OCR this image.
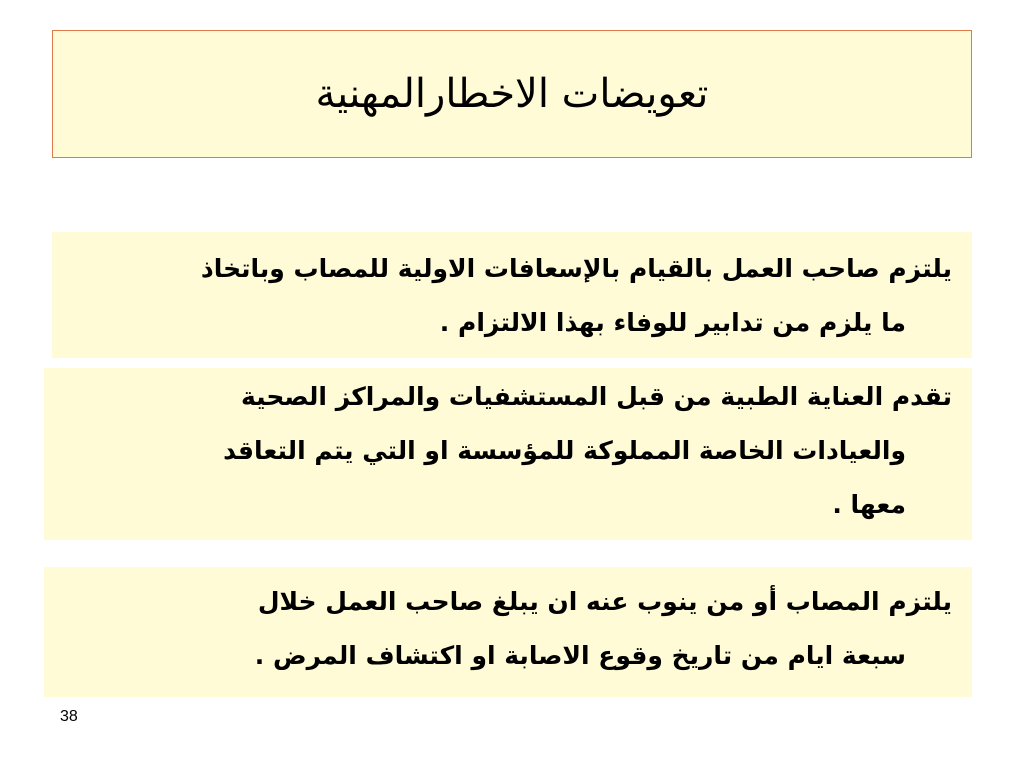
تعويضات الاخطارالمهنية
يلتزم صاحب العمل بالقيام بالإسعافات الاولية للمصاب وباتخاذ
ما يلزم من تدابير للوفاء بهذا الالتزام .
تقدم العناية الطبية من قبل المستشفيات والمراكز الصحية
والعيادات الخاصة المملوكة للمؤسسة او التي يتم التعاقد
معها .
يلتزم المصاب أو من ينوب عنه ان يبلغ صاحب العمل خلال
سبعة ايام من تاريخ وقوع الاصابة او اكتشاف المرض .
38
